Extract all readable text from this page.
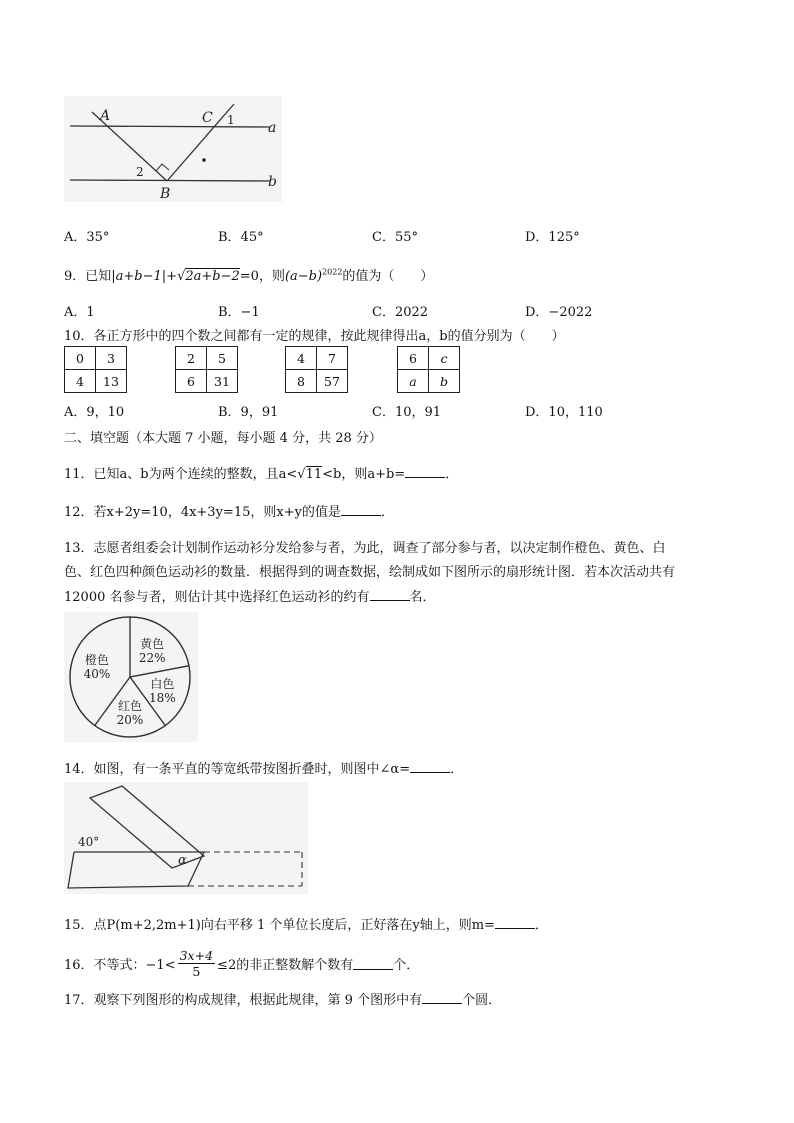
A	C 1 a
2
B
b
A．35°	B．45°	C．55°	D．125°
9．已知|a+b−1|+√2a+b−2=0，则$(a-b)^{2022}$的值为（　　）
A．1	B．−1	C．2022	D．−2022
10．各正方形中的四个数之间都有一定的规律，按此规律得出a，b的值分别为（　　）
0	3
4	13
2	5
6	31
4	7
8	57
6	c
a	b
A．9，10	B．9，91	C．10，91	D．10，110
二、填空题（本大题 7 小题，每小题 4 分，共 28 分）
11．已知a、b为两个连续的整数，且a<√11<b，则a+b=	．
12．若x+2y=10，4x+3y=15，则x+y的值是	．
13．志愿者组委会计划制作运动衫分发给参与者，为此，调查了部分参与者，以决定制作橙色、黄色、白
色、红色四种颜色运动衫的数量．根据得到的调查数据，绘制成如下图所示的扇形统计图．若本次活动共有
12000 名参与者，则估计其中选择红色运动衫的约有	名．
黄色
22%
白色
18%
红色
20%
橙色
40%
14．如图，有一条平直的等宽纸带按图折叠时，则图中∠α=	．
40°
α
15．点P(m+2,2m+1)向右平移 1 个单位长度后，正好落在y轴上，则m=	．
16．不等式：$-1< \frac{3x+4}{5} \le 2$的非正整数解个数有	个．
17．观察下列图形的构成规律，根据此规律，第 9 个图形中有	个圆．
